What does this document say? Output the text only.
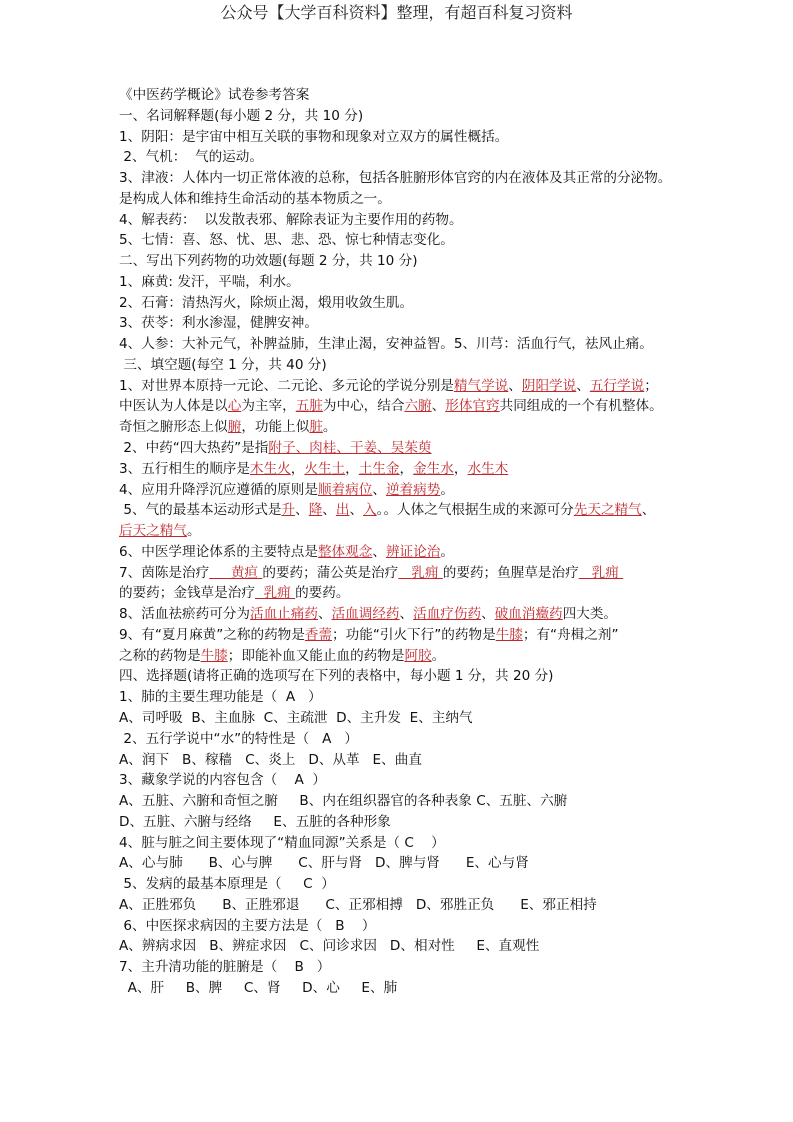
公众号【大学百科资料】整理，有超百科复习资料
《中医药学概论》试卷参考答案
一、名词解释题(每小题 2 分，共 10 分)
1、阴阳：是宇宙中相互关联的事物和现象对立双方的属性概括。
2、气机：  气的运动。
3、津液：人体内一切正常体液的总称，包括各脏腑形体官窍的内在液体及其正常的分泌物。
是构成人体和维持生命活动的基本物质之一。
4、解表药：  以发散表邪、解除表证为主要作用的药物。
5、七情：喜、怒、忧、思、悲、恐、惊七种情志变化。
二、写出下列药物的功效题(每题 2 分，共 10 分)
1、麻黄: 发汗，平喘，利水。
2、石膏：清热泻火，除烦止渴，煅用收敛生肌。
3、茯苓：利水渗湿，健脾安神。
4、人参：大补元气，补脾益肺，生津止渴，安神益智。5、川芎：活血行气，祛风止痛。
三、填空题(每空 1 分，共 40 分)
1、对世界本原持一元论、二元论、多元论的学说分别是精气学说、阴阳学说、五行学说；
中医认为人体是以心为主宰，五脏为中心，结合六腑、形体官窍共同组成的一个有机整体。
奇恒之腑形态上似腑，功能上似脏。
2、中药“四大热药”是指附子、肉桂、干姜、吴茱萸
3、五行相生的顺序是木生火，火生土，土生金，金生水，水生木
4、应用升降浮沉应遵循的原则是顺着病位、逆着病势。
5、气的最基本运动形式是升、降、出、入。。人体之气根据生成的来源可分先天之精气、
后天之精气。
6、中医学理论体系的主要特点是整体观念、辨证论治。
7、茵陈是治疗     黄疸 的要药；蒲公英是治疗   乳痈 的要药；鱼腥草是治疗   乳痈
的要药；金钱草是治疗  乳痈 的要药。
8、活血祛瘀药可分为活血止痛药、活血调经药、活血疗伤药、破血消癥药四大类。
9、有“夏月麻黄”之称的药物是香薷；功能“引火下行”的药物是牛膝；有“舟楫之剂”
之称的药物是牛膝；即能补血又能止血的药物是阿胶。
四、选择题(请将正确的选项写在下列的表格中，每小题 1 分，共 20 分)
1、肺的主要生理功能是（  A   ）
A、司呼吸  B、主血脉  C、主疏泄  D、主升发  E、主纳气
2、五行学说中“水”的特性是（   A   ）
A、润下   B、稼穑   C、炎上   D、从革   E、曲直
3、藏象学说的内容包含（    A  ）
A、五脏、六腑和奇恒之腑     B、内在组织器官的各种表象 C、五脏、六腑
D、五脏、六腑与经络     E、五脏的各种形象
4、脏与脏之间主要体现了“精血同源”关系是（ C    ）
A、心与肺      B、心与脾      C、肝与肾   D、脾与肾      E、心与肾
5、发病的最基本原理是（     C  ）
A、正胜邪负      B、正胜邪退      C、正邪相搏   D、邪胜正负      E、邪正相持
6、中医探求病因的主要方法是（   B    ）
A、辨病求因   B、辨症求因   C、问诊求因   D、相对性     E、直观性
7、主升清功能的脏腑是（    B   ）
A、肝     B、脾     C、肾     D、心     E、肺
